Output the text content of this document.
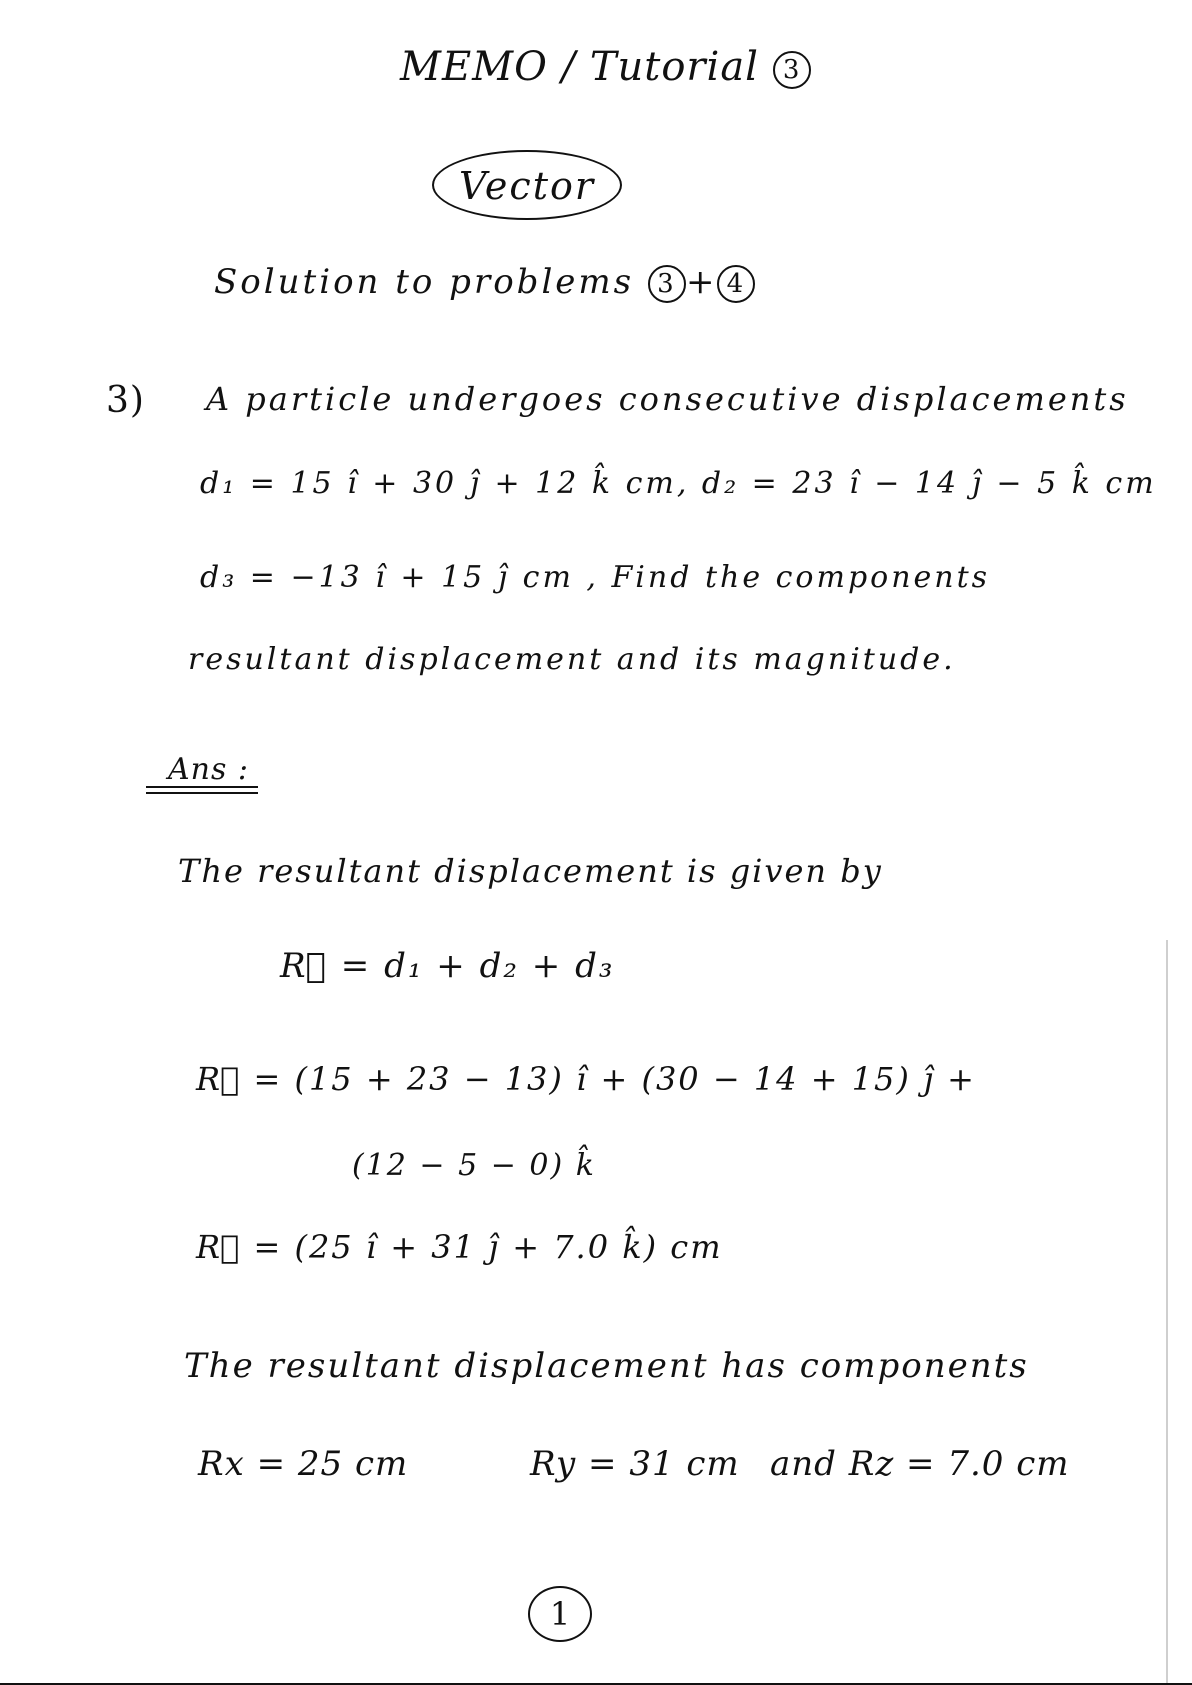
MEMO / Tutorial 3
Vector
Solution to problems 3 + 4
3) A particle undergoes consecutive displacements
d₁ = 15 î + 30 ĵ + 12 k̂ cm, d₂ = 23 î − 14 ĵ − 5 k̂ cm
d₃ = −13 î + 15 ĵ cm , Find the components
resultant displacement and its magnitude.
Ans :
The resultant displacement is given by
R⃗ = d₁ + d₂ + d₃
R⃗ = (15 + 23 − 13) î + (30 − 14 + 15) ĵ +
(12 − 5 − 0) k̂
R⃗ = (25 î + 31 ĵ + 7.0 k̂) cm
The resultant displacement has components
Rx = 25 cm	Ry = 31 cm and Rz = 7.0 cm
1
